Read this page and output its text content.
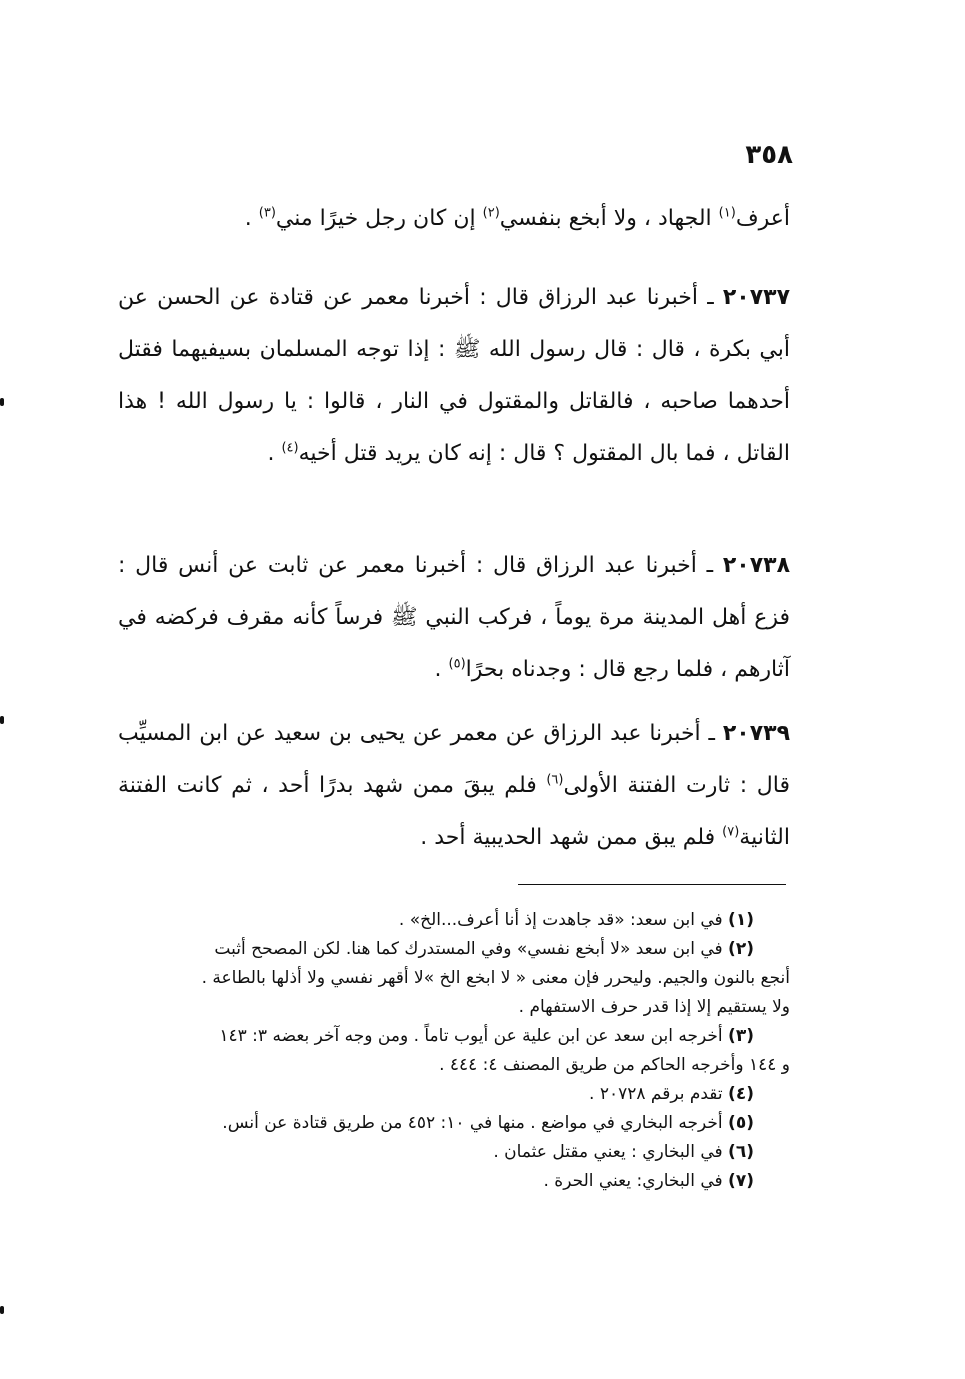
٣٥٨
أعرف$^{(١)}$ الجهاد ، ولا أبخع بنفسي$^{(٢)}$ إن كان رجل خيرًا مني$^{(٣)}$ .
٢٠٧٣٧ ـ أخبرنا عبد الرزاق قال : أخبرنا معمر عن قتادة عن الحسن عن أبي بكرة ، قال : قال رسول الله ﷺ : إذا توجه المسلمان بسيفيهما فقتل أحدهما صاحبه ، فالقاتل والمقتول في النار ، قالوا : يا رسول الله ! هذا القاتل ، فما بال المقتول ؟ قال : إنه كان يريد قتل أخيه$^{(٤)}$ .
٢٠٧٣٨ ـ أخبرنا عبد الرزاق قال : أخبرنا معمر عن ثابت عن أنس قال : فزع أهل المدينة مرة يوماً ، فركب النبي ﷺ فرساً كأنه مقرف فركضه في آثارهم ، فلما رجع قال : وجدناه بحرًا$^{(٥)}$ .
٢٠٧٣٩ ـ أخبرنا عبد الرزاق عن معمر عن يحيى بن سعيد عن ابن المسيِّب قال : ثارت الفتنة الأولى$^{(٦)}$ فلم يبقَ ممن شهد بدرًا أحد ، ثم كانت الفتنة الثانية$^{(٧)}$ فلم يبق ممن شهد الحديبية أحد .
(١) في ابن سعد: «قد جاهدت إذ أنا أعرف...الخ» .
(٢) في ابن سعد «لا أبخع نفسي» وفي المستدرك كما هنا. لكن المصحح أثبت
أنجع بالنون والجيم. وليحرر فإن معنى « لا ابخع الخ »لا أقهر نفسي ولا أذلها بالطاعة .
ولا يستقيم إلا إذا قدر حرف الاستفهام .
(٣) أخرجه ابن سعد عن ابن علية عن أيوب تاماً . ومن وجه آخر بعضه ٣: ١٤٣
و ١٤٤ وأخرجه الحاكم من طريق المصنف ٤: ٤٤٤ .
(٤) تقدم برقم ٢٠٧٢٨ .
(٥) أخرجه البخاري في مواضع . منها في ١٠: ٤٥٢ من طريق قتادة عن أنس.
(٦) في البخاري : يعني مقتل عثمان .
(٧) في البخاري: يعني الحرة .
